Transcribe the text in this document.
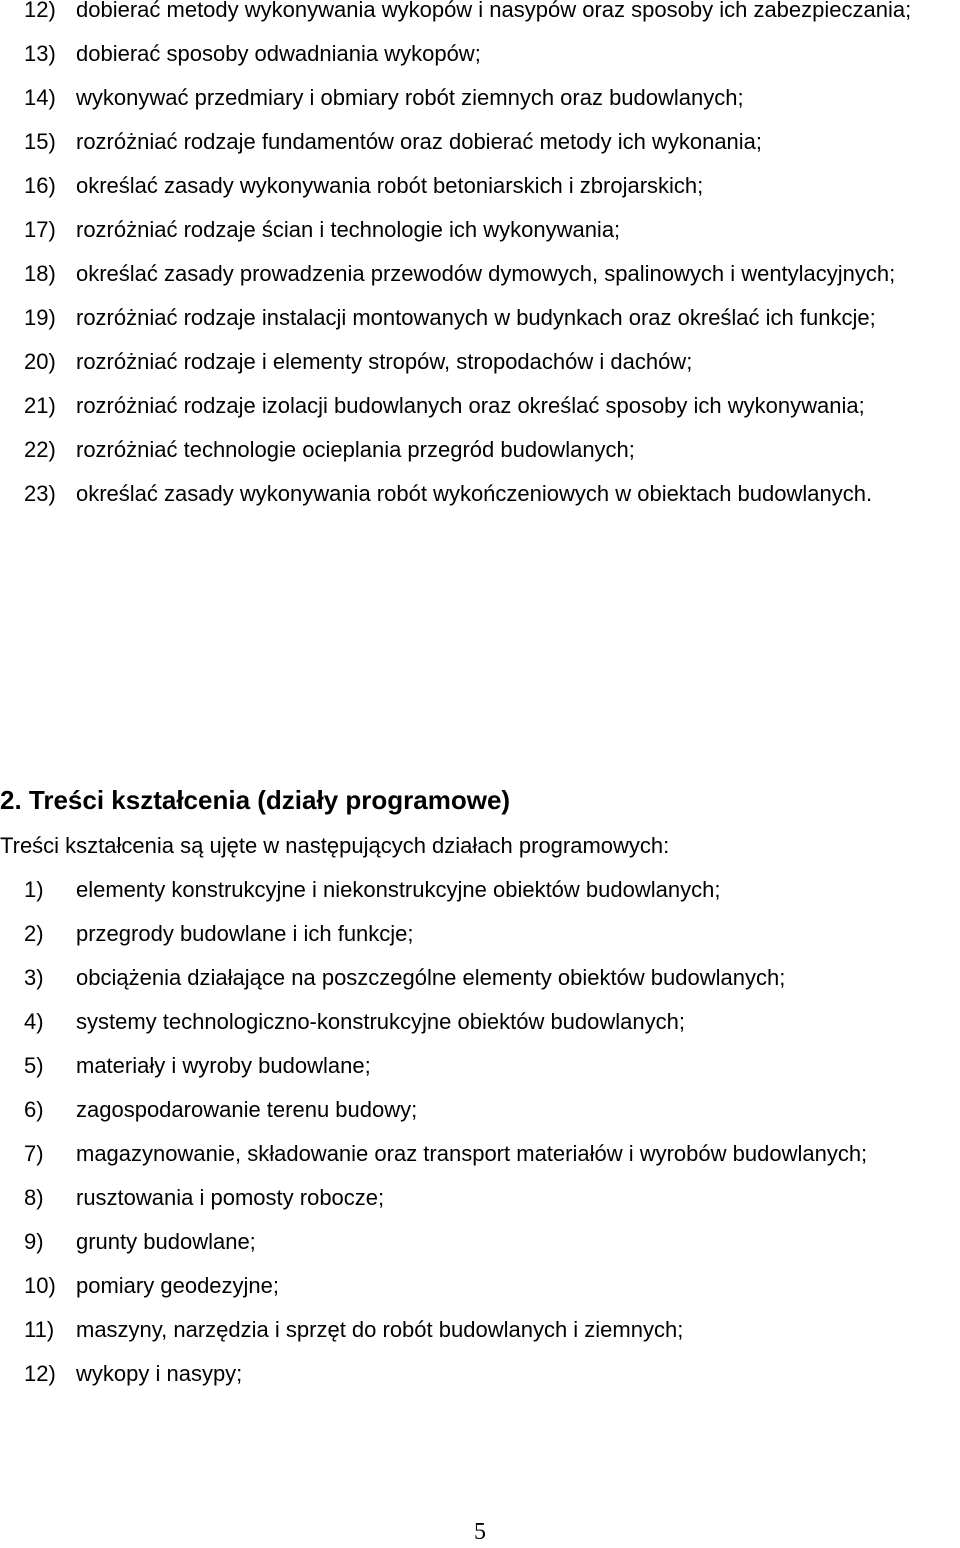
12) dobierać metody wykonywania wykopów i nasypów oraz sposoby ich zabezpieczania;
13) dobierać sposoby odwadniania wykopów;
14) wykonywać przedmiary i obmiary robót ziemnych oraz budowlanych;
15) rozróżniać rodzaje fundamentów oraz dobierać metody ich wykonania;
16) określać zasady wykonywania robót betoniarskich i zbrojarskich;
17) rozróżniać rodzaje ścian i technologie ich wykonywania;
18) określać zasady prowadzenia przewodów dymowych, spalinowych i wentylacyjnych;
19) rozróżniać rodzaje instalacji montowanych w budynkach oraz określać ich funkcje;
20) rozróżniać rodzaje i elementy stropów, stropodachów i dachów;
21) rozróżniać rodzaje izolacji budowlanych oraz określać sposoby ich wykonywania;
22) rozróżniać technologie ocieplania przegród budowlanych;
23) określać zasady wykonywania robót wykończeniowych w obiektach budowlanych.
2. Treści kształcenia (działy programowe)

Treści kształcenia są ujęte w następujących działach programowych:

1)	elementy konstrukcyjne i niekonstrukcyjne obiektów budowlanych;
2)	przegrody budowlane i ich funkcje;
3)	obciążenia działające na poszczególne elementy obiektów budowlanych;
4)	systemy technologiczno-konstrukcyjne obiektów budowlanych;
5)	materiały i wyroby budowlane;
6)	zagospodarowanie terenu budowy;
7)	magazynowanie, składowanie oraz transport materiałów i wyrobów budowlanych;
8)	rusztowania i pomosty robocze;
9)	grunty budowlane;
10) pomiary geodezyjne;
11) maszyny, narzędzia i sprzęt do robót budowlanych i ziemnych;
12) wykopy i nasypy;
5
